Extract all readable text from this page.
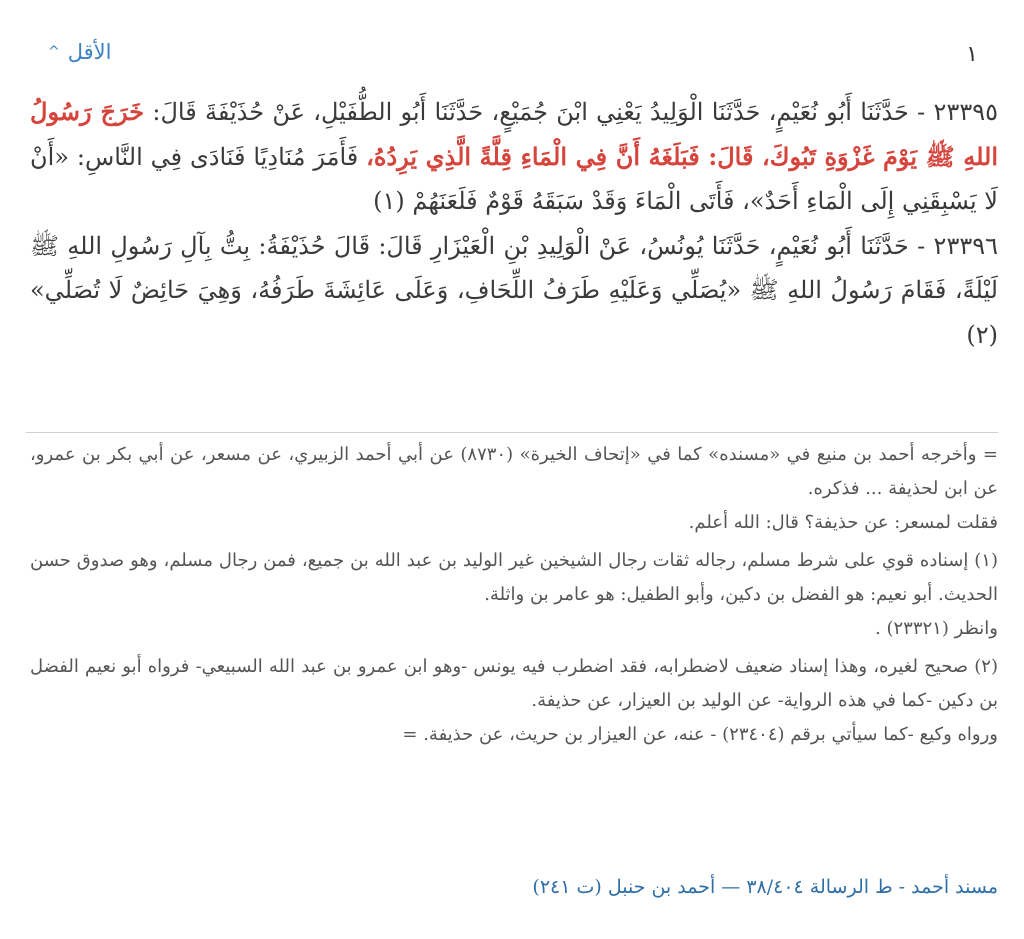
الأقل
^	١

٢٣٣٩٥ - حَدَّثَنَا أَبُو نُعَيْمٍ، حَدَّثَنَا الْوَلِيدُ يَعْنِي ابْنَ جُمَيْعٍ، حَدَّثَنَا أَبُو الطُّفَيْلِ، عَنْ حُذَيْفَةَ قَالَ: خَرَجَ رَسُولُ اللهِ ﷺ يَوْمَ غَزْوَةِ تَبُوكَ، قَالَ: فَبَلَغَهُ أَنَّ فِي الْمَاءِ قِلَّةً الَّذِي يَرِدُهُ، فَأَمَرَ مُنَادِيًا فَنَادَى فِي النَّاسِ: «أَنْ لَا يَسْبِقَنِي إِلَى الْمَاءِ أَحَدٌ»، فَأَتَى الْمَاءَ وَقَدْ سَبَقَهُ قَوْمٌ فَلَعَنَهُمْ (١)

٢٣٣٩٦ - حَدَّثَنَا أَبُو نُعَيْمٍ، حَدَّثَنَا يُونُسُ، عَنْ الْوَلِيدِ بْنِ الْعَيْزَارِ قَالَ: قَالَ حُذَيْفَةُ: بِتُّ بِآلِ رَسُولِ اللهِ ﷺ لَيْلَةً، فَقَامَ رَسُولُ اللهِ ﷺ «يُصَلِّي وَعَلَيْهِ طَرَفُ اللِّحَافِ، وَعَلَى عَائِشَةَ طَرَفُهُ، وَهِيَ حَائِضٌ لَا تُصَلِّي» (٢)

= وأخرجه أحمد بن منيع في «مسنده» كما في «إتحاف الخيرة» (٨٧٣٠) عن أبي أحمد الزبيري، عن مسعر، عن أبي بكر بن عمرو، عن ابن لحذيفة ... فذكره.

فقلت لمسعر: عن حذيفة؟ قال: الله أعلم.

(١) إسناده قوي على شرط مسلم، رجاله ثقات رجال الشيخين غير الوليد بن عبد الله بن جميع، فمن رجال مسلم، وهو صدوق حسن الحديث. أبو نعيم: هو الفضل بن دكين، وأبو الطفيل: هو عامر بن واثلة.

وانظر (٢٣٣٢١) .

(٢) صحيح لغيره، وهذا إسناد ضعيف لاضطرابه، فقد اضطرب فيه يونس -وهو ابن عمرو بن عبد الله السبيعي- فرواه أبو نعيم الفضل بن دكين -كما في هذه الرواية- عن الوليد بن العيزار، عن حذيفة.

ورواه وكيع -كما سيأتي برقم (٢٣٤٠٤) - عنه، عن العيزار بن حريث، عن حذيفة. =

مسند أحمد - ط الرسالة ٣٨/٤٠٤ — أحمد بن حنبل (ت ٢٤١)
